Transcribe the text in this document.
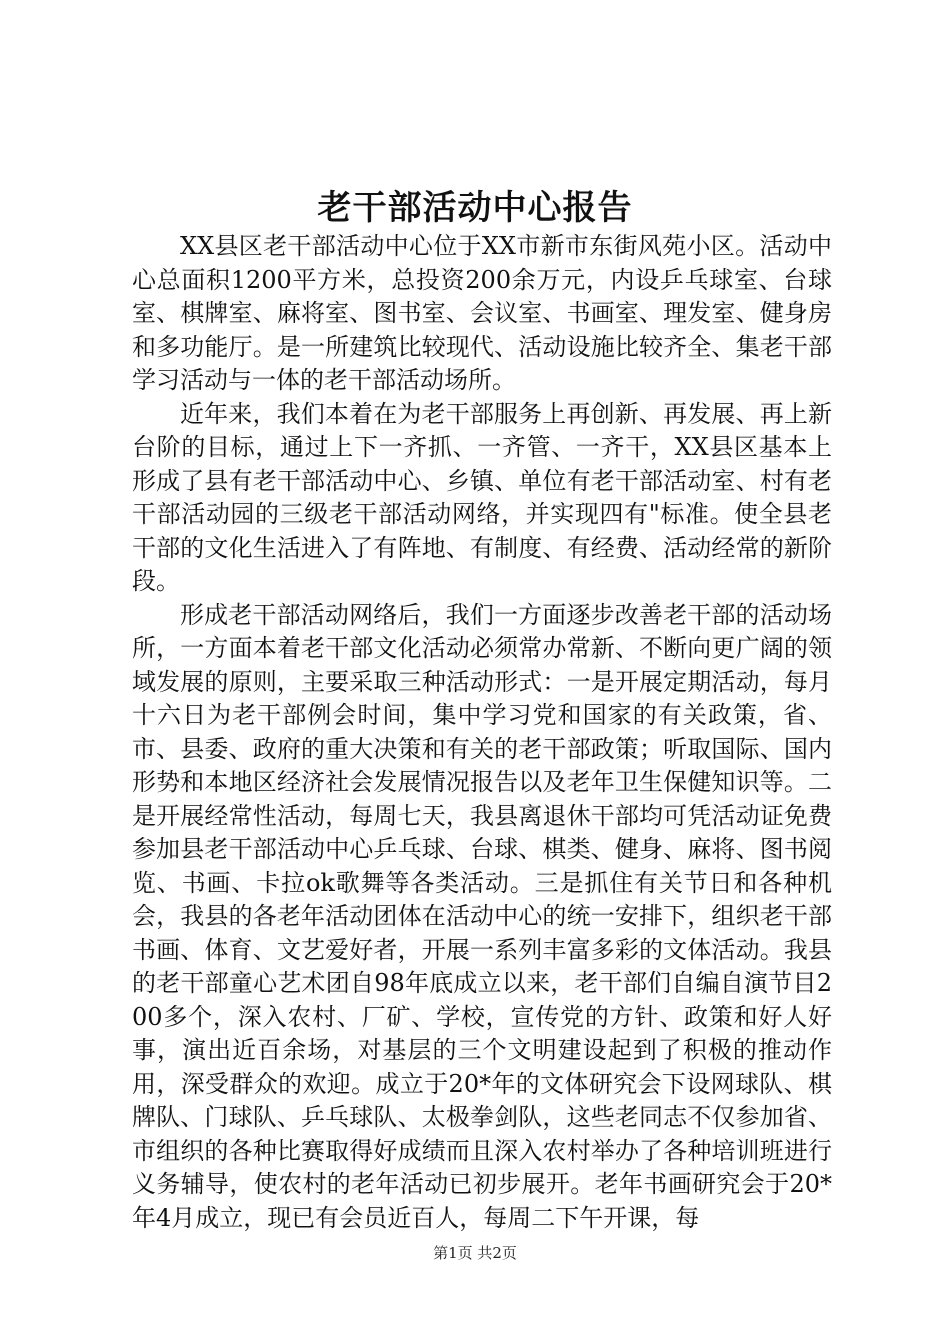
老干部活动中心报告

XX县区老干部活动中心位于XX市新市东街风苑小区。活动中心总面积1200平方米，总投资200余万元，内设乒乓球室、台球室、棋牌室、麻将室、图书室、会议室、书画室、理发室、健身房和多功能厅。是一所建筑比较现代、活动设施比较齐全、集老干部学习活动与一体的老干部活动场所。

近年来，我们本着在为老干部服务上再创新、再发展、再上新台阶的目标，通过上下一齐抓、一齐管、一齐干，XX县区基本上形成了县有老干部活动中心、乡镇、单位有老干部活动室、村有老干部活动园的三级老干部活动网络，并实现四有"标准。使全县老干部的文化生活进入了有阵地、有制度、有经费、活动经常的新阶段。

形成老干部活动网络后，我们一方面逐步改善老干部的活动场所，一方面本着老干部文化活动必须常办常新、不断向更广阔的领域发展的原则，主要采取三种活动形式：一是开展定期活动，每月十六日为老干部例会时间，集中学习党和国家的有关政策，省、市、县委、政府的重大决策和有关的老干部政策；听取国际、国内形势和本地区经济社会发展情况报告以及老年卫生保健知识等。二是开展经常性活动，每周七天，我县离退休干部均可凭活动证免费参加县老干部活动中心乒乓球、台球、棋类、健身、麻将、图书阅览、书画、卡拉ok歌舞等各类活动。三是抓住有关节日和各种机会，我县的各老年活动团体在活动中心的统一安排下，组织老干部书画、体育、文艺爱好者，开展一系列丰富多彩的文体活动。我县的老干部童心艺术团自98年底成立以来，老干部们自编自演节目200多个，深入农村、厂矿、学校，宣传党的方针、政策和好人好事，演出近百余场，对基层的三个文明建设起到了积极的推动作用，深受群众的欢迎。成立于20*年的文体研究会下设网球队、棋牌队、门球队、乒乓球队、太极拳剑队，这些老同志不仅参加省、市组织的各种比赛取得好成绩而且深入农村举办了各种培训班进行义务辅导，使农村的老年活动已初步展开。老年书画研究会于20*年4月成立，现已有会员近百人，每周二下午开课，每

第1页 共2页
